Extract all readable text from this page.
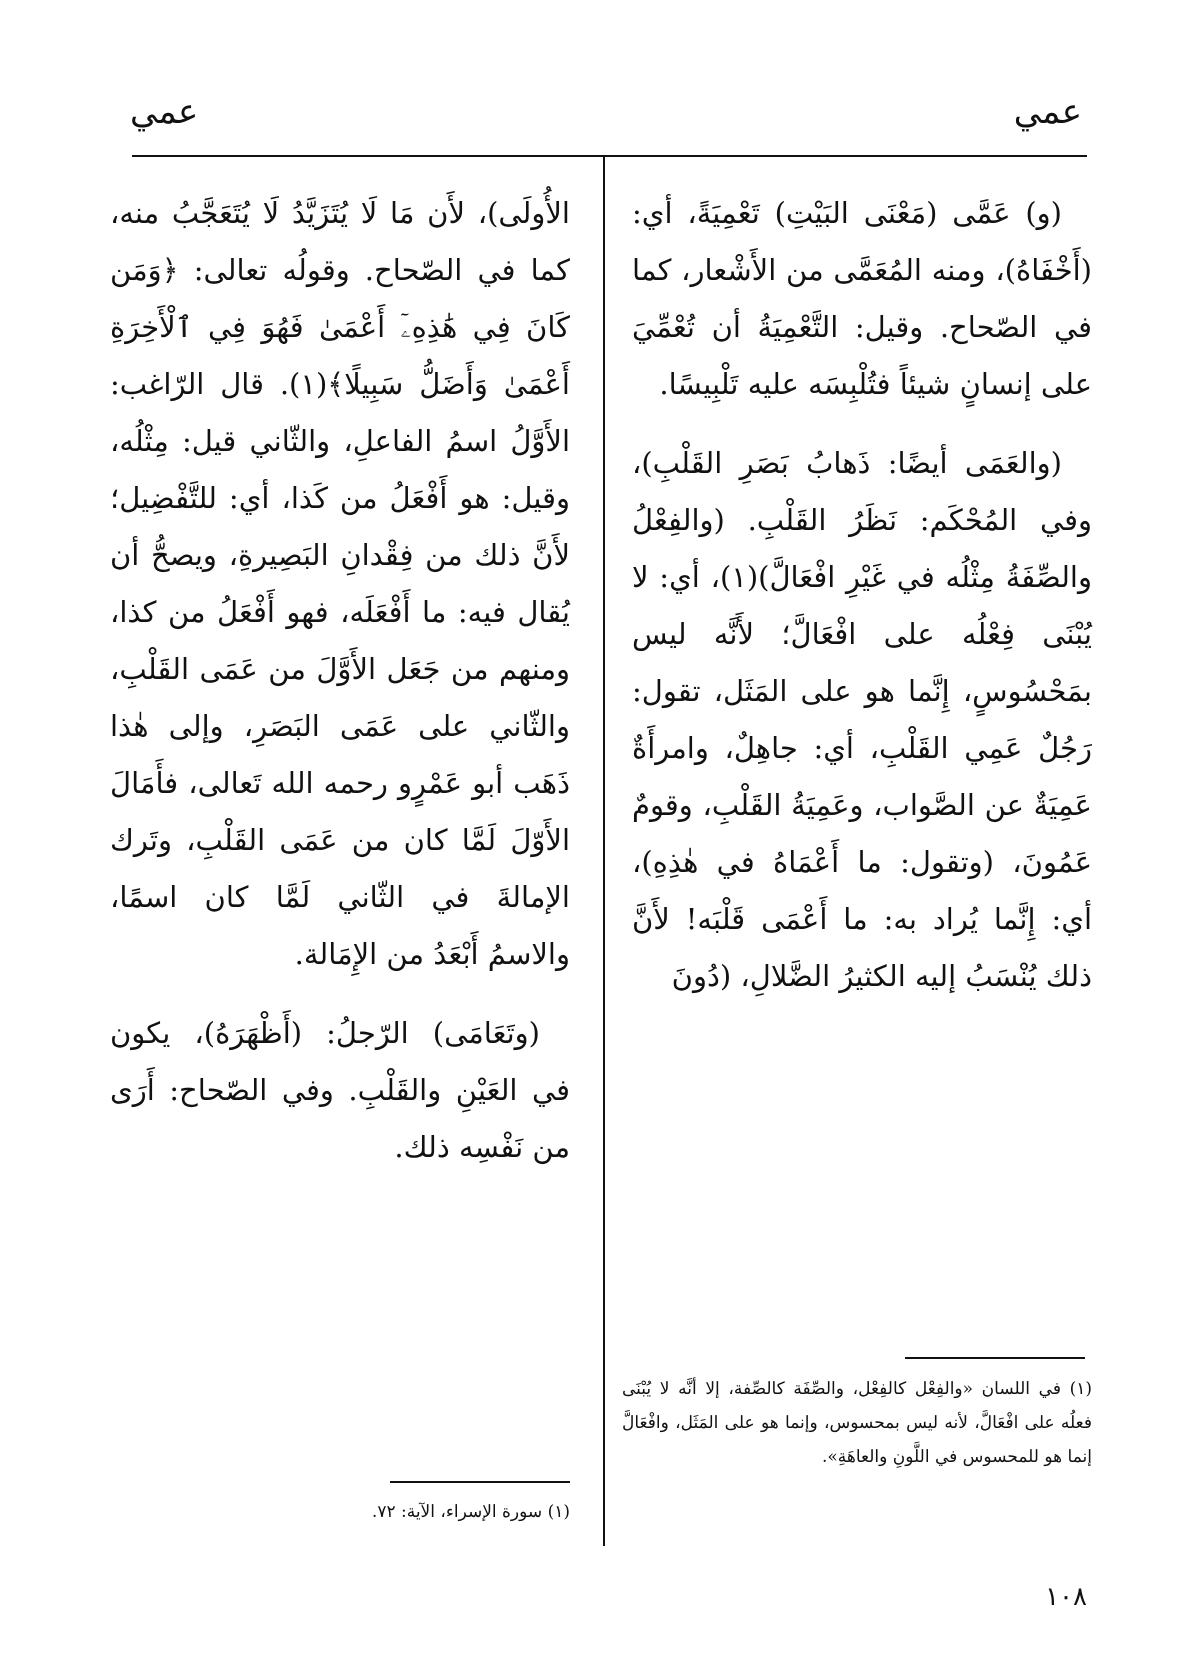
عمي
عمي

(و) عَمَّى (مَعْنَى البَيْتِ) تَعْمِيَةً، أي: (أَخْفَاهُ)، ومنه المُعَمَّى من الأَشْعار، كما في الصّحاح. وقيل: التَّعْمِيَةُ أن تُعْمِّيَ على إنسانٍ شيئاً فتُلْبِسَه عليه تَلْبِيسًا.

(والعَمَى أيضًا: ذَهابُ بَصَرِ القَلْبِ)، وفي المُحْكَم: نَظَرُ القَلْبِ. (والفِعْلُ والصِّفَةُ مِثْلُه في غَيْرِ افْعَالَّ)(١)، أي: لا يُبْنَى فِعْلُه على افْعَالَّ؛ لأَنَّه ليس بمَحْسُوسٍ، إِنَّما هو على المَثَل، تقول: رَجُلٌ عَمِي القَلْبِ، أي: جاهِلٌ، وامرأَةٌ عَمِيَةٌ عن الصَّواب، وعَمِيَةُ القَلْبِ، وقومٌ عَمُونَ، (وتقول: ما أَعْمَاهُ في هٰذِهِ)، أي: إِنَّما يُراد به: ما أَعْمَى قَلْبَه! لأَنَّ ذلك يُنْسَبُ إليه الكثيرُ الضَّلالِ، (دُونَ

الأُولَى)، لأَن مَا لَا يُتَزَيَّدُ لَا يُتَعَجَّبُ منه، كما في الصّحاح. وقولُه تعالى: ﴿وَمَن كَانَ فِي هَٰذِهِۦٓ أَعْمَىٰ فَهُوَ فِي ٱلْأَخِرَةِ أَعْمَىٰ وَأَضَلُّ سَبِيلًا﴾(١). قال الرّاغب: الأَوَّلُ اسمُ الفاعلِ، والثّاني قيل: مِثْلُه، وقيل: هو أَفْعَلُ من كَذا، أي: للتَّفْضِيل؛ لأَنَّ ذلك من فِقْدانِ البَصِيرةِ، ويصحُّ أن يُقال فيه: ما أَفْعَلَه، فهو أَفْعَلُ من كذا، ومنهم من جَعَل الأَوَّلَ من عَمَى القَلْبِ، والثّاني على عَمَى البَصَرِ، وإلى هٰذا ذَهَب أبو عَمْرٍو رحمه الله تَعالى، فأَمَالَ الأَوّلَ لَمَّا كان من عَمَى القَلْبِ، وتَرك الإمالةَ في الثّاني لَمَّا كان اسمًا، والاسمُ أَبْعَدُ من الإِمَالة.

(وتَعَامَى) الرّجلُ: (أَظْهَرَهُ)، يكون في العَيْنِ والقَلْبِ. وفي الصّحاح: أَرَى من نَفْسِه ذلك.

(١) في اللسان «والفِعْل كالفِعْل، والصِّفَة كالصِّفة، إلا أنَّه لا يُبْنَى فعلُه على افْعَالَّ، لأنه ليس بمحسوس، وإنما هو على المَثَل، وافْعَالَّ إنما هو للمحسوس في اللَّونِ والعاهَةِ».
(١) سورة الإسراء، الآية: ٧٢.
١٠٨
